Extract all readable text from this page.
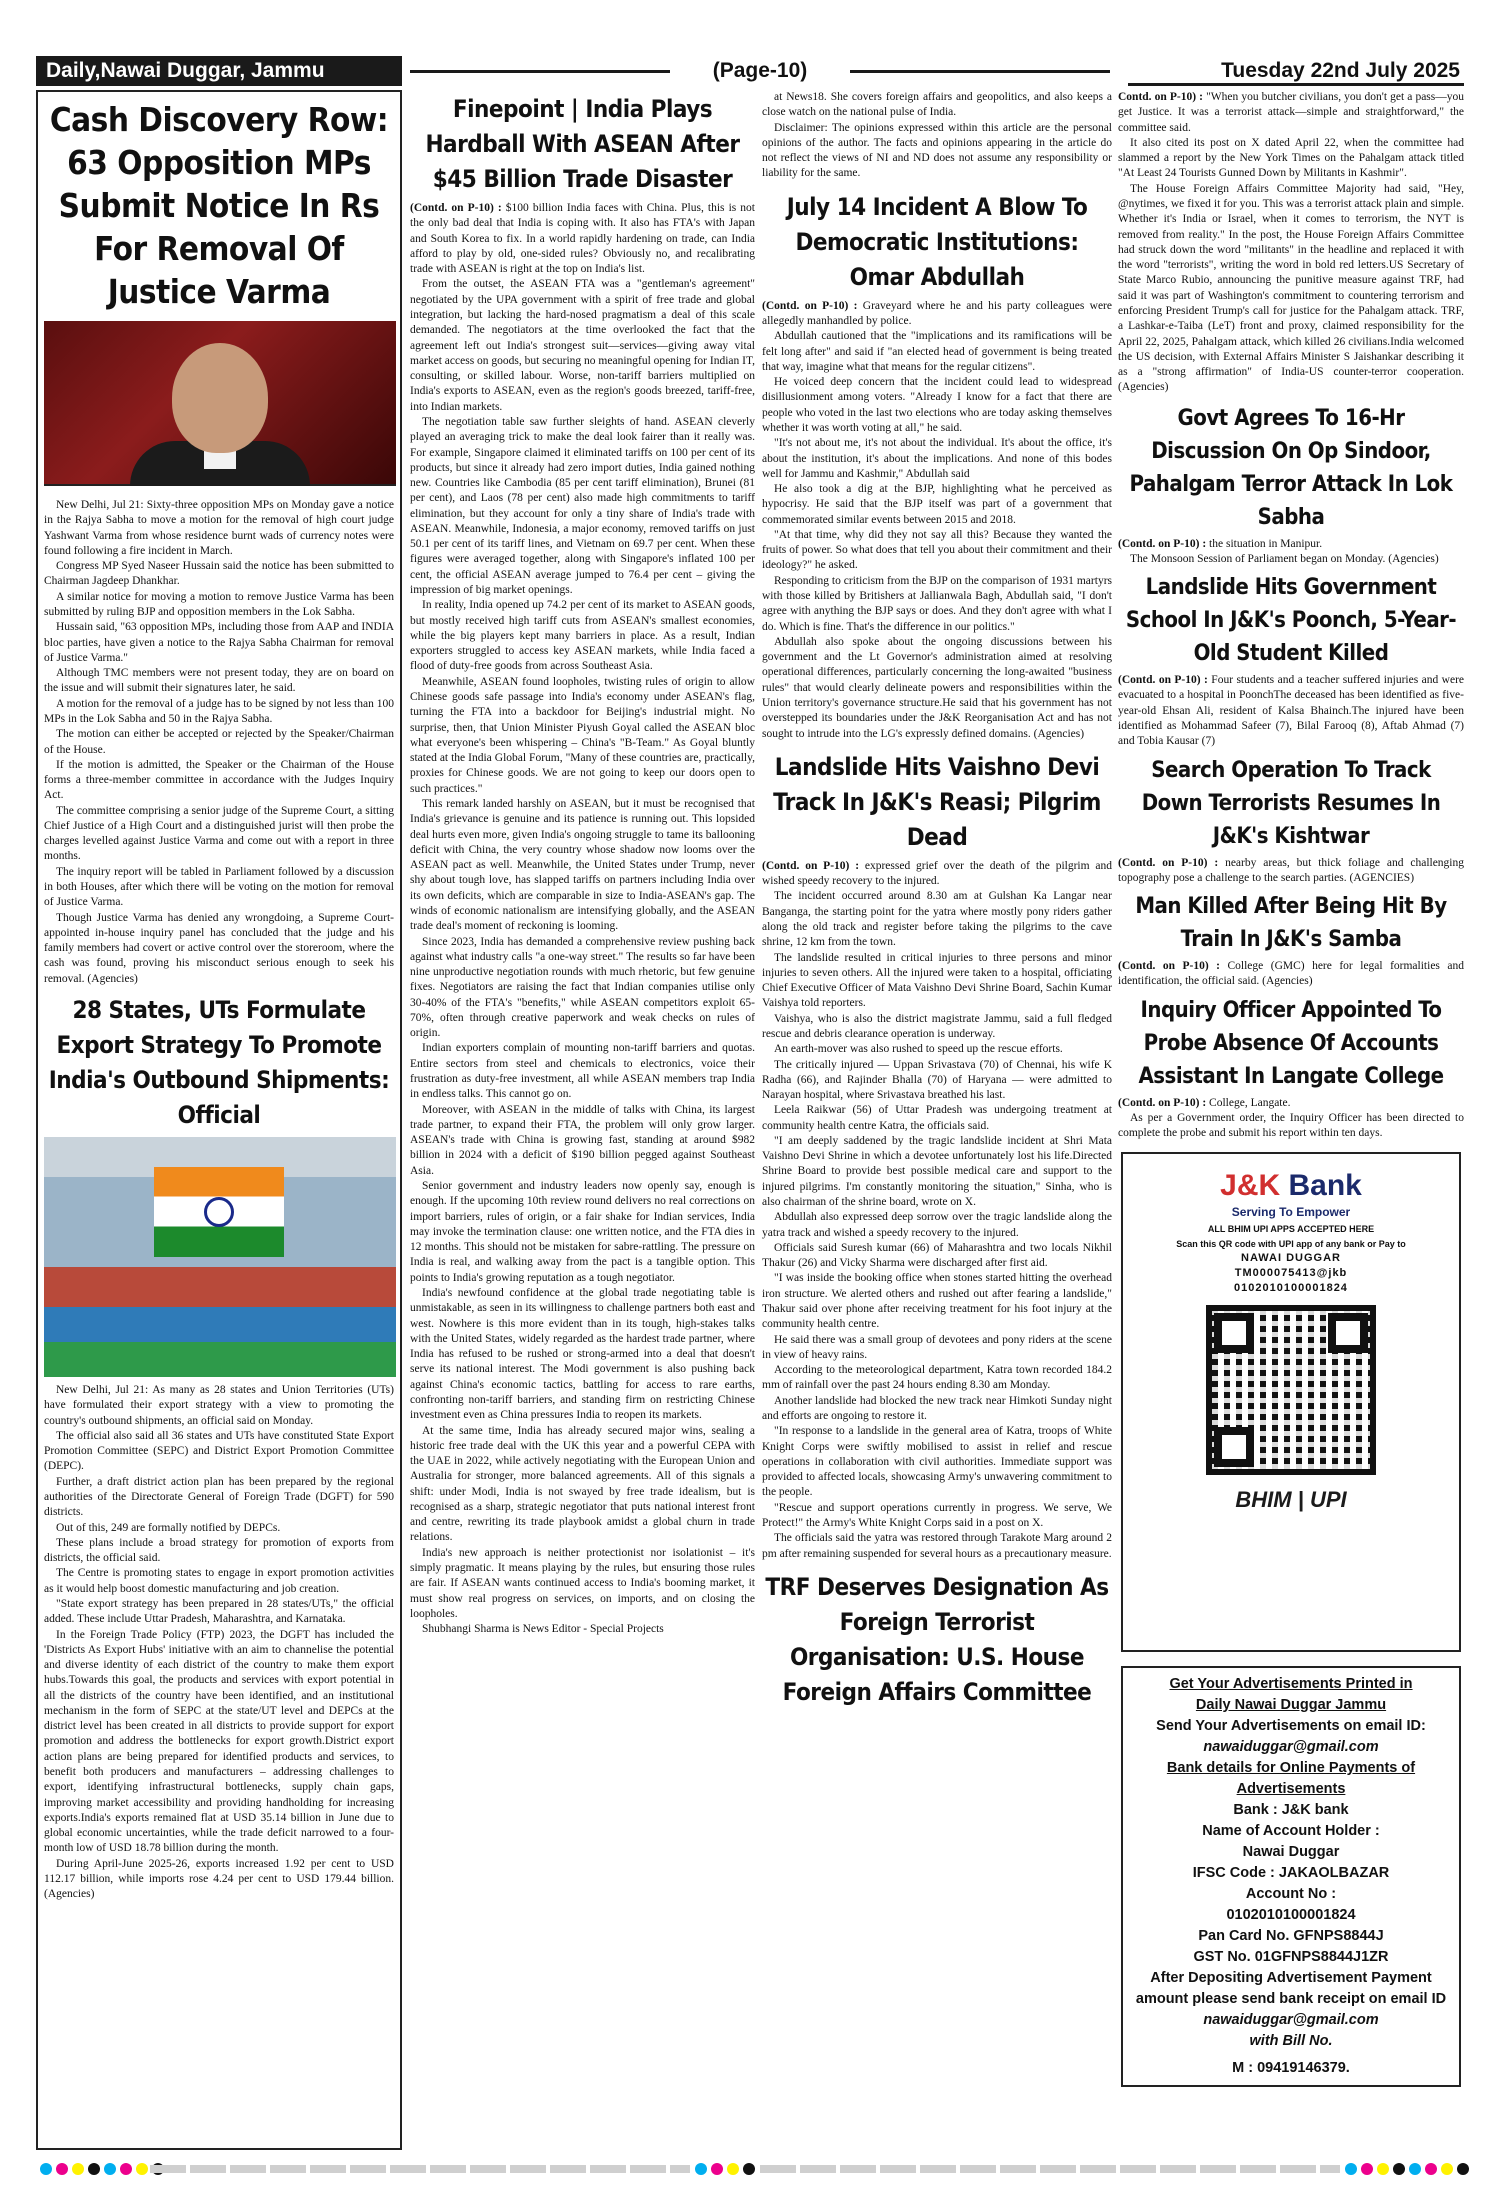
Daily,Nawai Duggar, Jammu	(Page-10)	Tuesday 22nd July 2025
Cash Discovery Row: 63 Opposition MPs Submit Notice In Rs For Removal Of Justice Varma

New Delhi, Jul 21: Sixty-three opposition MPs on Monday gave a notice in the Rajya Sabha to move a motion for the removal of high court judge Yashwant Varma from whose residence burnt wads of currency notes were found following a fire incident in March.

Congress MP Syed Naseer Hussain said the notice has been submitted to Chairman Jagdeep Dhankhar.

A similar notice for moving a motion to remove Justice Varma has been submitted by ruling BJP and opposition members in the Lok Sabha.

Hussain said, "63 opposition MPs, including those from AAP and INDIA bloc parties, have given a notice to the Rajya Sabha Chairman for removal of Justice Varma."

Although TMC members were not present today, they are on board on the issue and will submit their signatures later, he said.

A motion for the removal of a judge has to be signed by not less than 100 MPs in the Lok Sabha and 50 in the Rajya Sabha.

The motion can either be accepted or rejected by the Speaker/Chairman of the House.

If the motion is admitted, the Speaker or the Chairman of the House forms a three-member committee in accordance with the Judges Inquiry Act.

The committee comprising a senior judge of the Supreme Court, a sitting Chief Justice of a High Court and a distinguished jurist will then probe the charges levelled against Justice Varma and come out with a report in three months.

The inquiry report will be tabled in Parliament followed by a discussion in both Houses, after which there will be voting on the motion for removal of Justice Varma.

Though Justice Varma has denied any wrongdoing, a Supreme Court-appointed in-house inquiry panel has concluded that the judge and his family members had covert or active control over the storeroom, where the cash was found, proving his misconduct serious enough to seek his removal. (Agencies)

28 States, UTs Formulate Export Strategy To Promote India's Outbound Shipments: Official

New Delhi, Jul 21: As many as 28 states and Union Territories (UTs) have formulated their export strategy with a view to promoting the country's outbound shipments, an official said on Monday.

The official also said all 36 states and UTs have constituted State Export Promotion Committee (SEPC) and District Export Promotion Committee (DEPC).

Further, a draft district action plan has been prepared by the regional authorities of the Directorate General of Foreign Trade (DGFT) for 590 districts.

Out of this, 249 are formally notified by DEPCs.

These plans include a broad strategy for promotion of exports from districts, the official said.

The Centre is promoting states to engage in export promotion activities as it would help boost domestic manufacturing and job creation.

"State export strategy has been prepared in 28 states/UTs," the official added. These include Uttar Pradesh, Maharashtra, and Karnataka.

In the Foreign Trade Policy (FTP) 2023, the DGFT has included the 'Districts As Export Hubs' initiative with an aim to channelise the potential and diverse identity of each district of the country to make them export hubs.Towards this goal, the products and services with export potential in all the districts of the country have been identified, and an institutional mechanism in the form of SEPC at the state/UT level and DEPCs at the district level has been created in all districts to provide support for export promotion and address the bottlenecks for export growth.District export action plans are being prepared for identified products and services, to benefit both producers and manufacturers – addressing challenges to export, identifying infrastructural bottlenecks, supply chain gaps, improving market accessibility and providing handholding for increasing exports.India's exports remained flat at USD 35.14 billion in June due to global economic uncertainties, while the trade deficit narrowed to a four-month low of USD 18.78 billion during the month.

During April-June 2025-26, exports increased 1.92 per cent to USD 112.17 billion, while imports rose 4.24 per cent to USD 179.44 billion. (Agencies)

Finepoint | India Plays Hardball With ASEAN After $45 Billion Trade Disaster

(Contd. on P-10) : $100 billion India faces with China. Plus, this is not the only bad deal that India is coping with. It also has FTA's with Japan and South Korea to fix. In a world rapidly hardening on trade, can India afford to play by old, one-sided rules? Obviously no, and recalibrating trade with ASEAN is right at the top on India's list.

From the outset, the ASEAN FTA was a "gentleman's agreement" negotiated by the UPA government with a spirit of free trade and global integration, but lacking the hard-nosed pragmatism a deal of this scale demanded. The negotiators at the time overlooked the fact that the agreement left out India's strongest suit—services—giving away vital market access on goods, but securing no meaningful opening for Indian IT, consulting, or skilled labour. Worse, non-tariff barriers multiplied on India's exports to ASEAN, even as the region's goods breezed, tariff-free, into Indian markets.

The negotiation table saw further sleights of hand. ASEAN cleverly played an averaging trick to make the deal look fairer than it really was. For example, Singapore claimed it eliminated tariffs on 100 per cent of its products, but since it already had zero import duties, India gained nothing new. Countries like Cambodia (85 per cent tariff elimination), Brunei (81 per cent), and Laos (78 per cent) also made high commitments to tariff elimination, but they account for only a tiny share of India's trade with ASEAN. Meanwhile, Indonesia, a major economy, removed tariffs on just 50.1 per cent of its tariff lines, and Vietnam on 69.7 per cent. When these figures were averaged together, along with Singapore's inflated 100 per cent, the official ASEAN average jumped to 76.4 per cent – giving the impression of big market openings.

In reality, India opened up 74.2 per cent of its market to ASEAN goods, but mostly received high tariff cuts from ASEAN's smallest economies, while the big players kept many barriers in place. As a result, Indian exporters struggled to access key ASEAN markets, while India faced a flood of duty-free goods from across Southeast Asia.

Meanwhile, ASEAN found loopholes, twisting rules of origin to allow Chinese goods safe passage into India's economy under ASEAN's flag, turning the FTA into a backdoor for Beijing's industrial might. No surprise, then, that Union Minister Piyush Goyal called the ASEAN bloc what everyone's been whispering – China's "B-Team." As Goyal bluntly stated at the India Global Forum, "Many of these countries are, practically, proxies for Chinese goods. We are not going to keep our doors open to such practices."

This remark landed harshly on ASEAN, but it must be recognised that India's grievance is genuine and its patience is running out. This lopsided deal hurts even more, given India's ongoing struggle to tame its ballooning deficit with China, the very country whose shadow now looms over the ASEAN pact as well. Meanwhile, the United States under Trump, never shy about tough love, has slapped tariffs on partners including India over its own deficits, which are comparable in size to India-ASEAN's gap. The winds of economic nationalism are intensifying globally, and the ASEAN trade deal's moment of reckoning is looming.

Since 2023, India has demanded a comprehensive review pushing back against what industry calls "a one-way street." The results so far have been nine unproductive negotiation rounds with much rhetoric, but few genuine fixes. Negotiators are raising the fact that Indian companies utilise only 30-40% of the FTA's "benefits," while ASEAN competitors exploit 65-70%, often through creative paperwork and weak checks on rules of origin.

Indian exporters complain of mounting non-tariff barriers and quotas. Entire sectors from steel and chemicals to electronics, voice their frustration as duty-free investment, all while ASEAN members trap India in endless talks. This cannot go on.

Moreover, with ASEAN in the middle of talks with China, its largest trade partner, to expand their FTA, the problem will only grow larger. ASEAN's trade with China is growing fast, standing at around $982 billion in 2024 with a deficit of $190 billion pegged against Southeast Asia.

Senior government and industry leaders now openly say, enough is enough. If the upcoming 10th review round delivers no real corrections on import barriers, rules of origin, or a fair shake for Indian services, India may invoke the termination clause: one written notice, and the FTA dies in 12 months. This should not be mistaken for sabre-rattling. The pressure on India is real, and walking away from the pact is a tangible option. This points to India's growing reputation as a tough negotiator.

India's newfound confidence at the global trade negotiating table is unmistakable, as seen in its willingness to challenge partners both east and west. Nowhere is this more evident than in its tough, high-stakes talks with the United States, widely regarded as the hardest trade partner, where India has refused to be rushed or strong-armed into a deal that doesn't serve its national interest. The Modi government is also pushing back against China's economic tactics, battling for access to rare earths, confronting non-tariff barriers, and standing firm on restricting Chinese investment even as China pressures India to reopen its markets.

At the same time, India has already secured major wins, sealing a historic free trade deal with the UK this year and a powerful CEPA with the UAE in 2022, while actively negotiating with the European Union and Australia for stronger, more balanced agreements. All of this signals a shift: under Modi, India is not swayed by free trade idealism, but is recognised as a sharp, strategic negotiator that puts national interest front and centre, rewriting its trade playbook amidst a global churn in trade relations.

India's new approach is neither protectionist nor isolationist – it's simply pragmatic. It means playing by the rules, but ensuring those rules are fair. If ASEAN wants continued access to India's booming market, it must show real progress on services, on imports, and on closing the loopholes.

Shubhangi Sharma is News Editor - Special Projects

at News18. She covers foreign affairs and geopolitics, and also keeps a close watch on the national pulse of India.

Disclaimer: The opinions expressed within this article are the personal opinions of the author. The facts and opinions appearing in the article do not reflect the views of NI and ND does not assume any responsibility or liability for the same.

July 14 Incident A Blow To Democratic Institutions: Omar Abdullah

(Contd. on P-10) : Graveyard where he and his party colleagues were allegedly manhandled by police.

Abdullah cautioned that the "implications and its ramifications will be felt long after" and said if "an elected head of government is being treated that way, imagine what that means for the regular citizens".

He voiced deep concern that the incident could lead to widespread disillusionment among voters. "Already I know for a fact that there are people who voted in the last two elections who are today asking themselves whether it was worth voting at all," he said.

"It's not about me, it's not about the individual. It's about the office, it's about the institution, it's about the implications. And none of this bodes well for Jammu and Kashmir," Abdullah said

He also took a dig at the BJP, highlighting what he perceived as hypocrisy. He said that the BJP itself was part of a government that commemorated similar events between 2015 and 2018.

"At that time, why did they not say all this? Because they wanted the fruits of power. So what does that tell you about their commitment and their ideology?" he asked.

Responding to criticism from the BJP on the comparison of 1931 martyrs with those killed by Britishers at Jallianwala Bagh, Abdullah said, "I don't agree with anything the BJP says or does. And they don't agree with what I do. Which is fine. That's the difference in our politics."

Abdullah also spoke about the ongoing discussions between his government and the Lt Governor's administration aimed at resolving operational differences, particularly concerning the long-awaited "business rules" that would clearly delineate powers and responsibilities within the Union territory's governance structure.He said that his government has not overstepped its boundaries under the J&K Reorganisation Act and has not sought to intrude into the LG's expressly defined domains. (Agencies)

Landslide Hits Vaishno Devi Track In J&K's Reasi; Pilgrim Dead

(Contd. on P-10) : expressed grief over the death of the pilgrim and wished speedy recovery to the injured.

The incident occurred around 8.30 am at Gulshan Ka Langar near Banganga, the starting point for the yatra where mostly pony riders gather along the old track and register before taking the pilgrims to the cave shrine, 12 km from the town.

The landslide resulted in critical injuries to three persons and minor injuries to seven others. All the injured were taken to a hospital, officiating Chief Executive Officer of Mata Vaishno Devi Shrine Board, Sachin Kumar Vaishya told reporters.

Vaishya, who is also the district magistrate Jammu, said a full fledged rescue and debris clearance operation is underway.

An earth-mover was also rushed to speed up the rescue efforts.

The critically injured — Uppan Srivastava (70) of Chennai, his wife K Radha (66), and Rajinder Bhalla (70) of Haryana — were admitted to Narayan hospital, where Srivastava breathed his last.

Leela Raikwar (56) of Uttar Pradesh was undergoing treatment at community health centre Katra, the officials said.

"I am deeply saddened by the tragic landslide incident at Shri Mata Vaishno Devi Shrine in which a devotee unfortunately lost his life.Directed Shrine Board to provide best possible medical care and support to the injured pilgrims. I'm constantly monitoring the situation," Sinha, who is also chairman of the shrine board, wrote on X.

Abdullah also expressed deep sorrow over the tragic landslide along the yatra track and wished a speedy recovery to the injured.

Officials said Suresh kumar (66) of Maharashtra and two locals Nikhil Thakur (26) and Vicky Sharma were discharged after first aid.

"I was inside the booking office when stones started hitting the overhead iron structure. We alerted others and rushed out after fearing a landslide," Thakur said over phone after receiving treatment for his foot injury at the community health centre.

He said there was a small group of devotees and pony riders at the scene in view of heavy rains.

According to the meteorological department, Katra town recorded 184.2 mm of rainfall over the past 24 hours ending 8.30 am Monday.

Another landslide had blocked the new track near Himkoti Sunday night and efforts are ongoing to restore it.

"In response to a landslide in the general area of Katra, troops of White Knight Corps were swiftly mobilised to assist in relief and rescue operations in collaboration with civil authorities. Immediate support was provided to affected locals, showcasing Army's unwavering commitment to the people.

"Rescue and support operations currently in progress. We serve, We Protect!" the Army's White Knight Corps said in a post on X.

The officials said the yatra was restored through Tarakote Marg around 2 pm after remaining suspended for several hours as a precautionary measure.

TRF Deserves Designation As Foreign Terrorist Organisation: U.S. House Foreign Affairs Committee

Contd. on P-10) : "When you butcher civilians, you don't get a pass—you get Justice. It was a terrorist attack—simple and straightforward," the committee said.

It also cited its post on X dated April 22, when the committee had slammed a report by the New York Times on the Pahalgam attack titled "At Least 24 Tourists Gunned Down by Militants in Kashmir".

The House Foreign Affairs Committee Majority had said, "Hey, @nytimes, we fixed it for you. This was a terrorist attack plain and simple. Whether it's India or Israel, when it comes to terrorism, the NYT is removed from reality." In the post, the House Foreign Affairs Committee had struck down the word "militants" in the headline and replaced it with the word "terrorists", writing the word in bold red letters.US Secretary of State Marco Rubio, announcing the punitive measure against TRF, had said it was part of Washington's commitment to countering terrorism and enforcing President Trump's call for justice for the Pahalgam attack. TRF, a Lashkar-e-Taiba (LeT) front and proxy, claimed responsibility for the April 22, 2025, Pahalgam attack, which killed 26 civilians.India welcomed the US decision, with External Affairs Minister S Jaishankar describing it as a "strong affirmation" of India-US counter-terror cooperation. (Agencies)

Govt Agrees To 16-Hr Discussion On Op Sindoor, Pahalgam Terror Attack In Lok Sabha

(Contd. on P-10) : the situation in Manipur.

The Monsoon Session of Parliament began on Monday. (Agencies)

Landslide Hits Government School In J&K's Poonch, 5-Year-Old Student Killed

(Contd. on P-10) : Four students and a teacher suffered injuries and were evacuated to a hospital in PoonchThe deceased has been identified as five-year-old Ehsan Ali, resident of Kalsa Bhainch.The injured have been identified as Mohammad Safeer (7), Bilal Farooq (8), Aftab Ahmad (7) and Tobia Kausar (7)

Search Operation To Track Down Terrorists Resumes In J&K's Kishtwar

(Contd. on P-10) : nearby areas, but thick foliage and challenging topography pose a challenge to the search parties. (AGENCIES)

Man Killed After Being Hit By Train In J&K's Samba

(Contd. on P-10) : College (GMC) here for legal formalities and identification, the official said. (Agencies)

Inquiry Officer Appointed To Probe Absence Of Accounts Assistant In Langate College

(Contd. on P-10) : College, Langate.

As per a Government order, the Inquiry Officer has been directed to complete the probe and submit his report within ten days.

J&K Bank
Serving To Empower
ALL BHIM UPI APPS ACCEPTED HERE
Scan this QR code with UPI app of any bank or Pay to
NAWAI DUGGAR
TM000075413@jkb
0102010100001824
BHIM | UPI
Get Your Advertisements Printed in
Daily Nawai Duggar Jammu
Send Your Advertisements on email ID:
nawaiduggar@gmail.com
Bank details for Online Payments of Advertisements
Bank : J&K bank
Name of Account Holder :
Nawai Duggar
IFSC Code : JAKAOLBAZAR
Account No :
0102010100001824
Pan Card No. GFNPS8844J
GST No. 01GFNPS8844J1ZR
After Depositing Advertisement Payment amount please send bank receipt on email ID
nawaiduggar@gmail.com
with Bill No.
M : 09419146379.
